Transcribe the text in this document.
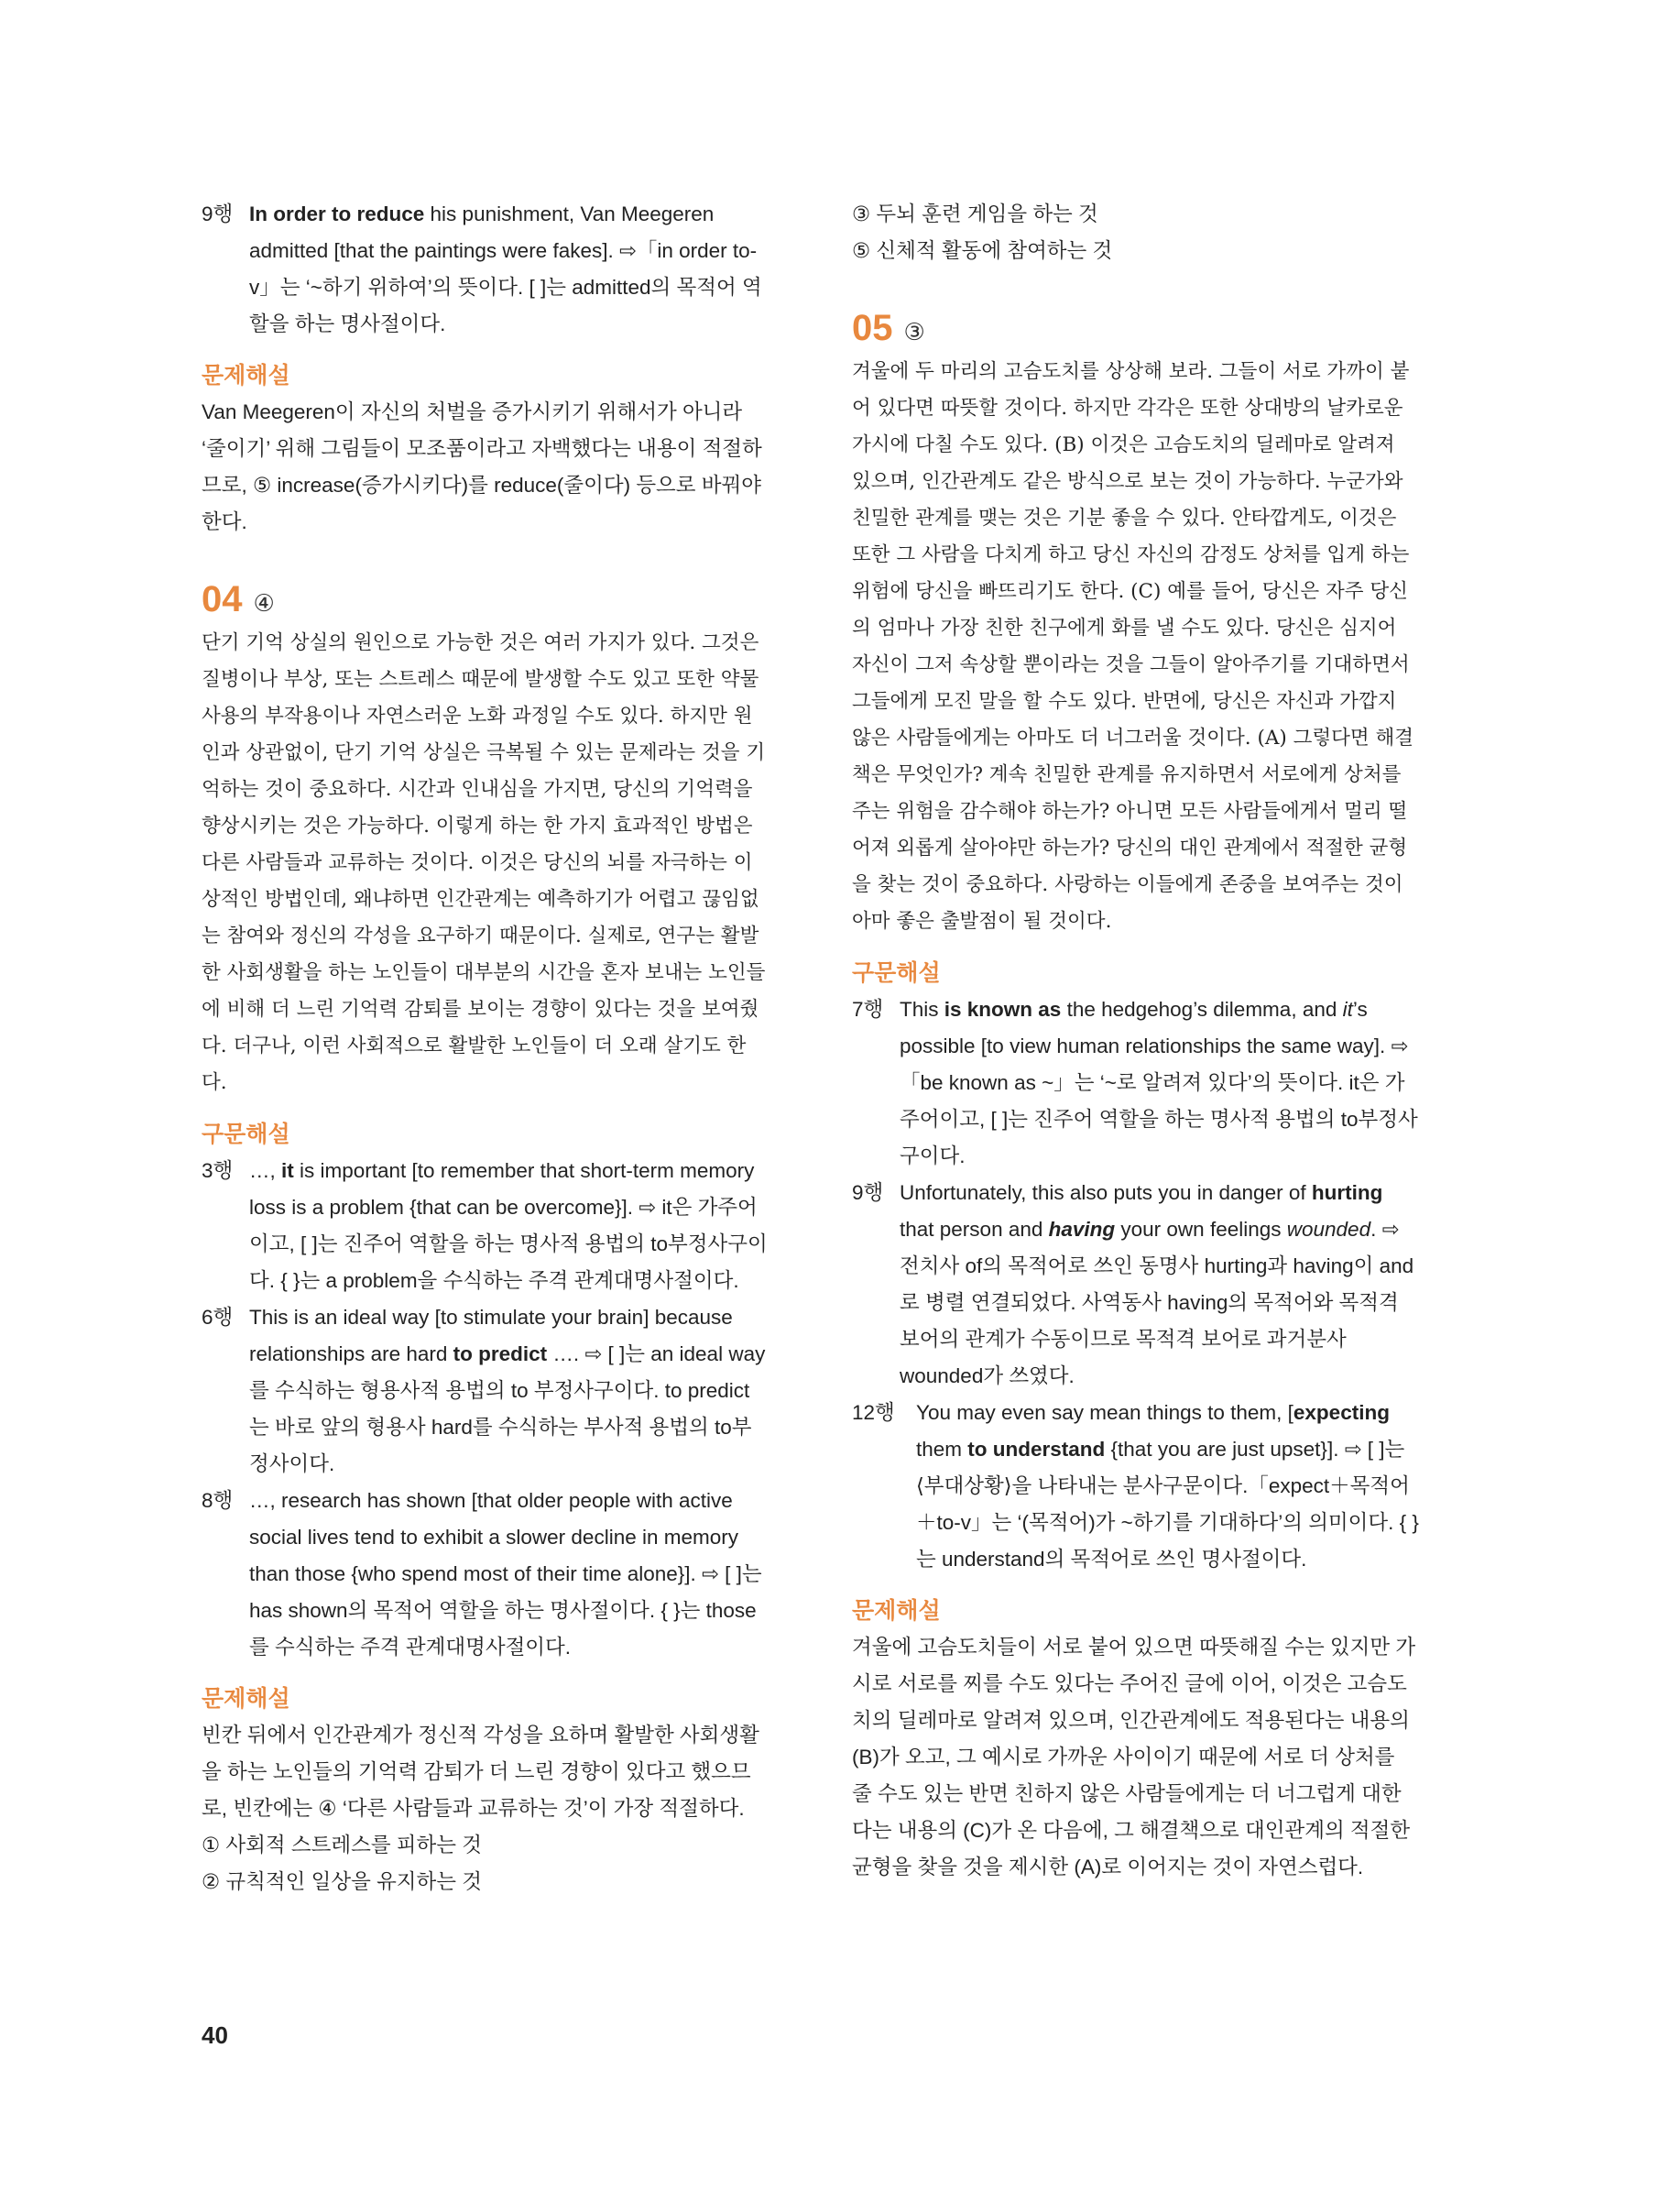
9행 In order to reduce his punishment, Van Meegeren admitted [that the paintings were fakes]. ⇨「in order to-v」는 ‘~하기 위하여’의 뜻이다. [ ]는 admitted의 목적어 역할을 하는 명사절이다.
문제해설
Van Meegeren이 자신의 처벌을 증가시키기 위해서가 아니라 ‘줄이기’ 위해 그림들이 모조품이라고 자백했다는 내용이 적절하므로, ⑤ increase(증가시키다)를 reduce(줄이다) 등으로 바꿔야 한다.
04 ④
단기 기억 상실의 원인으로 가능한 것은 여러 가지가 있다. 그것은 질병이나 부상, 또는 스트레스 때문에 발생할 수도 있고 또한 약물 사용의 부작용이나 자연스러운 노화 과정일 수도 있다. 하지만 원인과 상관없이, 단기 기억 상실은 극복될 수 있는 문제라는 것을 기억하는 것이 중요하다. 시간과 인내심을 가지면, 당신의 기억력을 향상시키는 것은 가능하다. 이렇게 하는 한 가지 효과적인 방법은 다른 사람들과 교류하는 것이다. 이것은 당신의 뇌를 자극하는 이상적인 방법인데, 왜냐하면 인간관계는 예측하기가 어렵고 끊임없는 참여와 정신의 각성을 요구하기 때문이다. 실제로, 연구는 활발한 사회생활을 하는 노인들이 대부분의 시간을 혼자 보내는 노인들에 비해 더 느린 기억력 감퇴를 보이는 경향이 있다는 것을 보여줬다. 더구나, 이런 사회적으로 활발한 노인들이 더 오래 살기도 한다.
구문해설
3행 …, it is important [to remember that short-term memory loss is a problem {that can be overcome}]. ⇨ it은 가주어이고, [ ]는 진주어 역할을 하는 명사적 용법의 to부정사구이다. { }는 a problem을 수식하는 주격 관계대명사절이다.
6행 This is an ideal way [to stimulate your brain] because relationships are hard to predict …. ⇨ [ ]는 an ideal way를 수식하는 형용사적 용법의 to 부정사구이다. to predict는 바로 앞의 형용사 hard를 수식하는 부사적 용법의 to부정사이다.
8행 …, research has shown [that older people with active social lives tend to exhibit a slower decline in memory than those {who spend most of their time alone}]. ⇨ [ ]는 has shown의 목적어 역할을 하는 명사절이다. { }는 those를 수식하는 주격 관계대명사절이다.
문제해설
빈칸 뒤에서 인간관계가 정신적 각성을 요하며 활발한 사회생활을 하는 노인들의 기억력 감퇴가 더 느린 경향이 있다고 했으므로, 빈칸에는 ④ ‘다른 사람들과 교류하는 것’이 가장 적절하다.
① 사회적 스트레스를 피하는 것
② 규칙적인 일상을 유지하는 것
③ 두뇌 훈련 게임을 하는 것
⑤ 신체적 활동에 참여하는 것
05 ③
겨울에 두 마리의 고슴도치를 상상해 보라. 그들이 서로 가까이 붙어 있다면 따뜻할 것이다. 하지만 각각은 또한 상대방의 날카로운 가시에 다칠 수도 있다. (B) 이것은 고슴도치의 딜레마로 알려져 있으며, 인간관계도 같은 방식으로 보는 것이 가능하다. 누군가와 친밀한 관계를 맺는 것은 기분 좋을 수 있다. 안타깝게도, 이것은 또한 그 사람을 다치게 하고 당신 자신의 감정도 상처를 입게 하는 위험에 당신을 빠뜨리기도 한다. (C) 예를 들어, 당신은 자주 당신의 엄마나 가장 친한 친구에게 화를 낼 수도 있다. 당신은 심지어 자신이 그저 속상할 뿐이라는 것을 그들이 알아주기를 기대하면서 그들에게 모진 말을 할 수도 있다. 반면에, 당신은 자신과 가깝지 않은 사람들에게는 아마도 더 너그러울 것이다. (A) 그렇다면 해결책은 무엇인가? 계속 친밀한 관계를 유지하면서 서로에게 상처를 주는 위험을 감수해야 하는가? 아니면 모든 사람들에게서 멀리 떨어져 외롭게 살아야만 하는가? 당신의 대인 관계에서 적절한 균형을 찾는 것이 중요하다. 사랑하는 이들에게 존중을 보여주는 것이 아마 좋은 출발점이 될 것이다.
구문해설
7행 This is known as the hedgehog’s dilemma, and it’s possible [to view human relationships the same way]. ⇨「be known as ~」는 ‘~로 알려져 있다’의 뜻이다. it은 가주어이고, [ ]는 진주어 역할을 하는 명사적 용법의 to부정사구이다.
9행 Unfortunately, this also puts you in danger of hurting that person and having your own feelings wounded. ⇨ 전치사 of의 목적어로 쓰인 동명사 hurting과 having이 and로 병렬 연결되었다. 사역동사 having의 목적어와 목적격 보어의 관계가 수동이므로 목적격 보어로 과거분사 wounded가 쓰였다.
12행 You may even say mean things to them, [expecting them to understand {that you are just upset}]. ⇨ [ ]는 ⟨부대상황⟩을 나타내는 분사구문이다.「expect＋목적어＋to-v」는 ‘(목적어)가 ~하기를 기대하다’의 의미이다. { }는 understand의 목적어로 쓰인 명사절이다.
문제해설
겨울에 고슴도치들이 서로 붙어 있으면 따뜻해질 수는 있지만 가시로 서로를 찌를 수도 있다는 주어진 글에 이어, 이것은 고슴도치의 딜레마로 알려져 있으며, 인간관계에도 적용된다는 내용의 (B)가 오고, 그 예시로 가까운 사이이기 때문에 서로 더 상처를 줄 수도 있는 반면 친하지 않은 사람들에게는 더 너그럽게 대한다는 내용의 (C)가 온 다음에, 그 해결책으로 대인관계의 적절한 균형을 찾을 것을 제시한 (A)로 이어지는 것이 자연스럽다.
40
